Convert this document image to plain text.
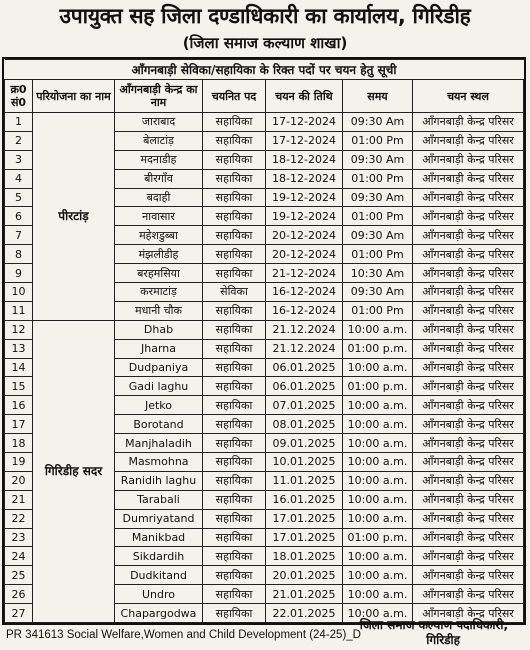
उपायुक्त सह जिला दण्डाधिकारी का कार्यालय, गिरिडीह
(जिला समाज कल्याण शाखा)
आँगनबाड़ी सेविका/सहायिका के रिक्त पदों पर चयन हेतु सूची						
क्र0 सं0	परियोजना का नाम	आँगनबाड़ी केन्द्र का नाम	चयनित पद	चयन की तिथि	समय	चयन स्थल
1	पीरटांड़	जाराबाद	सहायिका	17-12-2024	09:30 Am	आँगनबाड़ी केन्द्र परिसर
2		बेलाटांड़	सहायिका	17-12-2024	01:00 Pm	आँगनबाड़ी केन्द्र परिसर
3		मदनाडीह	सहायिका	18-12-2024	09:30 Am	आँगनबाड़ी केन्द्र परिसर
4		बीरगाँव	सहायिका	18-12-2024	01:00 Pm	आँगनबाड़ी केन्द्र परिसर
5		बदाही	सहायिका	19-12-2024	09:30 Am	आँगनबाड़ी केन्द्र परिसर
6		नावासार	सहायिका	19-12-2024	01:00 Pm	आँगनबाड़ी केन्द्र परिसर
7		महेशडुब्बा	सहायिका	20-12-2024	09:30 Am	आँगनबाड़ी केन्द्र परिसर
8		मंझलीडीह	सहायिका	20-12-2024	01:00 Pm	आँगनबाड़ी केन्द्र परिसर
9		बरहमसिया	सहायिका	21-12-2024	10:30 Am	आँगनबाड़ी केन्द्र परिसर
10		करमाटांड़	सेविका	16-12-2024	09:30 Am	आँगनबाड़ी केन्द्र परिसर
11		मधानी चौक	सहायिका	16-12-2024	01:00 Pm	आँगनबाड़ी केन्द्र परिसर
12	गिरिडीह सदर	Dhab	सहायिका	21.12.2024	10:00 a.m.	आँगनबाड़ी केन्द्र परिसर
13		Jharna	सहायिका	21.12.2024	01:00 p.m.	आँगनबाड़ी केन्द्र परिसर
14		Dudpaniya	सहायिका	06.01.2025	10:00 a.m.	आँगनबाड़ी केन्द्र परिसर
15		Gadi laghu	सहायिका	06.01.2025	01:00 p.m.	आँगनबाड़ी केन्द्र परिसर
16		Jetko	सहायिका	07.01.2025	10:00 a.m.	आँगनबाड़ी केन्द्र परिसर
17		Borotand	सहायिका	08.01.2025	10:00 a.m.	आँगनबाड़ी केन्द्र परिसर
18		Manjhaladih	सहायिका	09.01.2025	10:00 a.m.	आँगनबाड़ी केन्द्र परिसर
19		Masmohna	सहायिका	10.01.2025	10:00 a.m.	आँगनबाड़ी केन्द्र परिसर
20		Ranidih laghu	सहायिका	11.01.2025	10:00 a.m.	आँगनबाड़ी केन्द्र परिसर
21		Tarabali	सहायिका	16.01.2025	10:00 a.m.	आँगनबाड़ी केन्द्र परिसर
22		Dumriyatand	सहायिका	17.01.2025	10:00 a.m.	आँगनबाड़ी केन्द्र परिसर
23		Manikbad	सहायिका	17.01.2025	01:00 p.m.	आँगनबाड़ी केन्द्र परिसर
24		Sikdardih	सहायिका	18.01.2025	10:00 a.m.	आँगनबाड़ी केन्द्र परिसर
25		Dudkitand	सहायिका	20.01.2025	10:00 a.m.	आँगनबाड़ी केन्द्र परिसर
26		Undro	सहायिका	21.01.2025	10:00 a.m.	आँगनबाड़ी केन्द्र परिसर
27		Chapargodwa	सहायिका	22.01.2025	10:00 a.m.	आँगनबाड़ी केन्द्र परिसर
जिला समाज कल्याण पदाधिकारी,
गिरिडीह
PR 341613 Social Welfare,Women and Child Development (24-25)_D
